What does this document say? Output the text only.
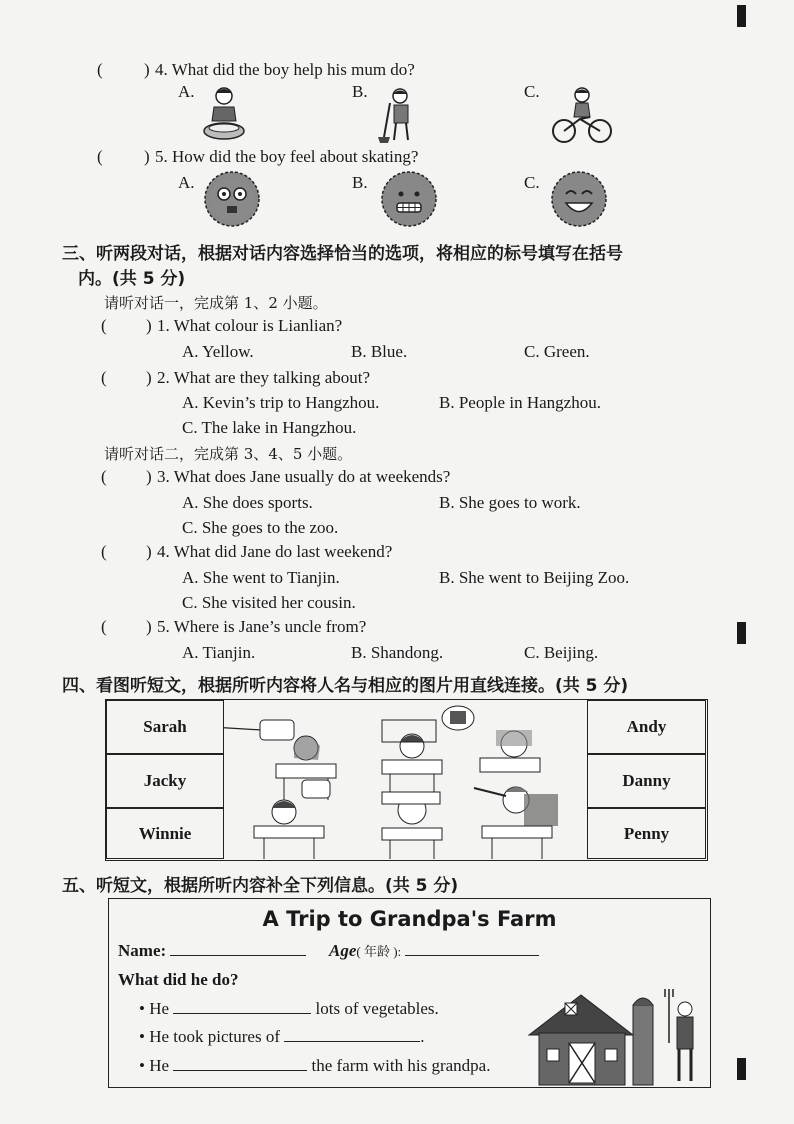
( ) 4. What did the boy help his mum do?
A.	B.	C.
( ) 5. How did the boy feel about skating?
A.	B.	C.
三、听两段对话，根据对话内容选择恰当的选项，将相应的标号填写在括号
内。(共 5 分)
请听对话一，完成第 1、2 小题。
( ) 1. What colour is Lianlian?
A. Yellow.	B. Blue.	C. Green.
( ) 2. What are they talking about?
A. Kevin’s trip to Hangzhou.	B. People in Hangzhou.
C. The lake in Hangzhou.
请听对话二，完成第 3、4、5 小题。
( ) 3. What does Jane usually do at weekends?
A. She does sports.	B. She goes to work.
C. She goes to the zoo.
( ) 4. What did Jane do last weekend?
A. She went to Tianjin.	B. She went to Beijing Zoo.
C. She visited her cousin.
( ) 5. Where is Jane’s uncle from?
A. Tianjin.	B. Shandong.	C. Beijing.
四、看图听短文，根据所听内容将人名与相应的图片用直线连接。(共 5 分)
Sarah
Jacky
Winnie
Andy
Danny
Penny
五、听短文，根据所听内容补全下列信息。(共 5 分)
A Trip to Grandpa's Farm
Name:	Age( 年龄 ):
What did he do?
• He	lots of vegetables.
• He took pictures of	.
• He	the farm with his grandpa.
